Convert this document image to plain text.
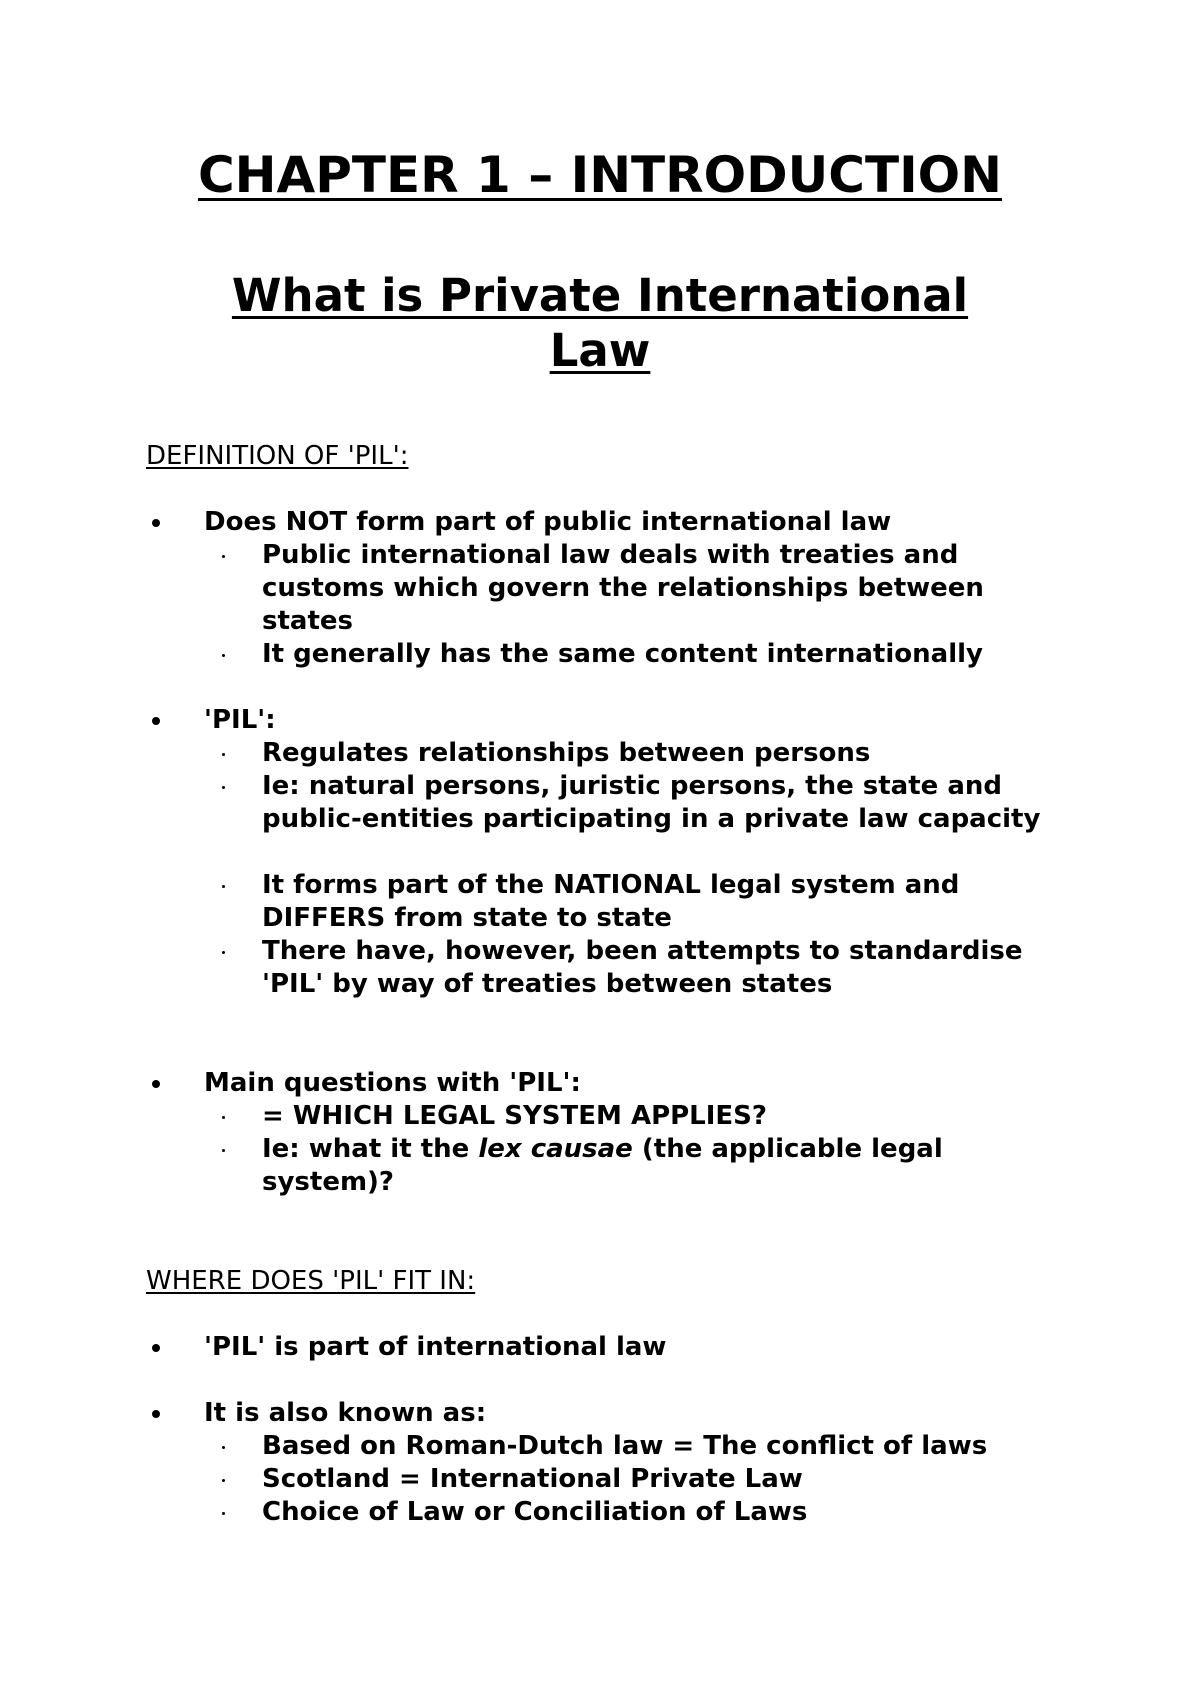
CHAPTER 1 – INTRODUCTION
What is Private International Law
DEFINITION OF 'PIL':
Does NOT form part of public international law
Public international law deals with treaties and customs which govern the relationships between states
It generally has the same content internationally
'PIL':
Regulates relationships between persons
Ie: natural persons, juristic persons, the state and public-entities participating in a private law capacity
It forms part of the NATIONAL legal system and DIFFERS from state to state
There have, however, been attempts to standardise 'PIL' by way of treaties between states
Main questions with 'PIL':
= WHICH LEGAL SYSTEM APPLIES?
Ie: what it the lex causae (the applicable legal system)?
WHERE DOES 'PIL' FIT IN:
'PIL' is part of international law
It is also known as:
Based on Roman-Dutch law = The conflict of laws
Scotland = International Private Law
Choice of Law or Conciliation of Laws
